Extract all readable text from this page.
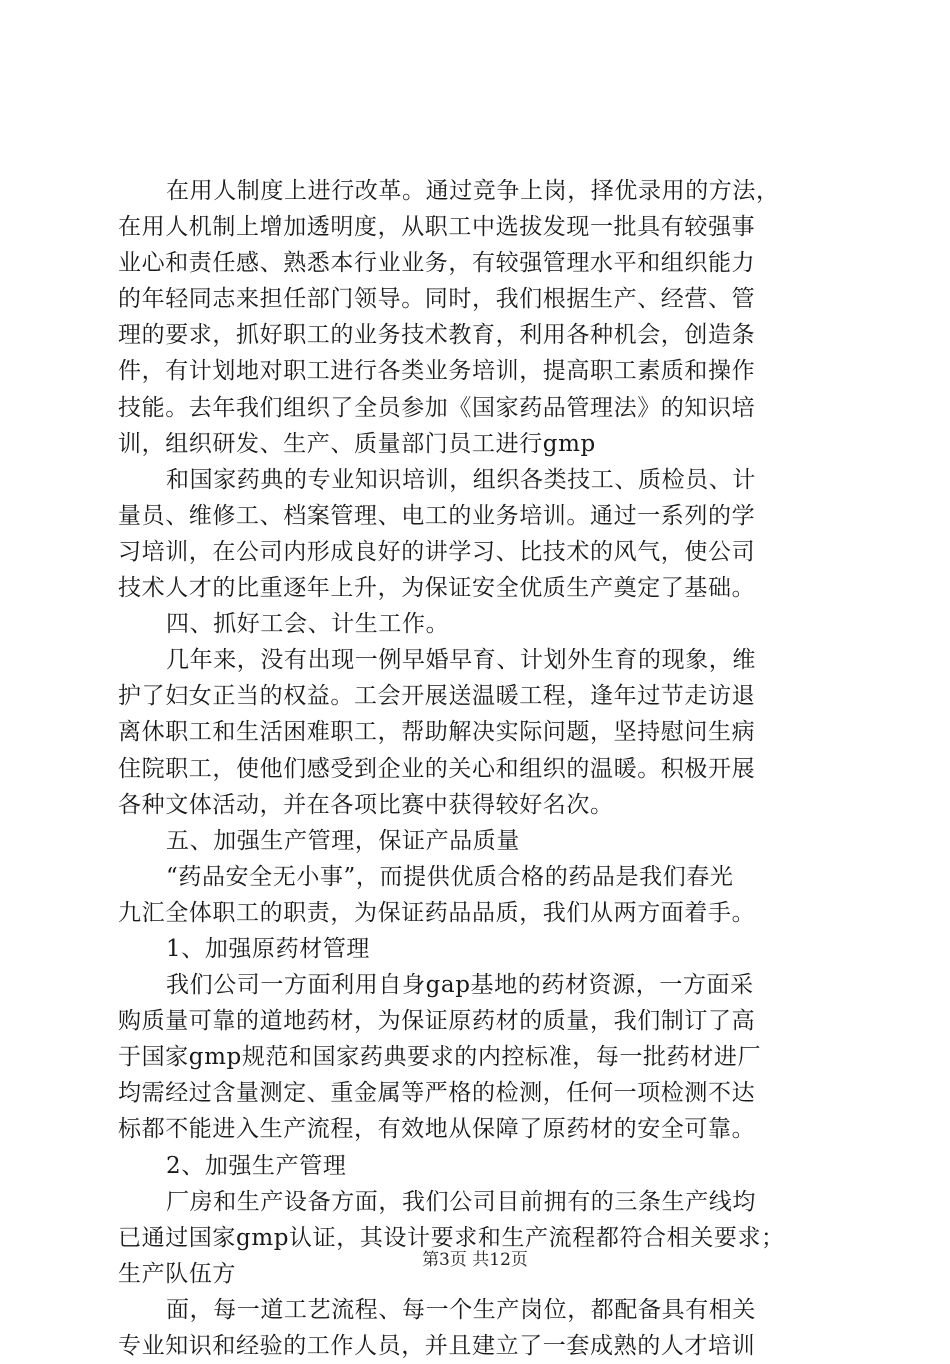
在用人制度上进行改革。通过竞争上岗，择优录用的方法，
在用人机制上增加透明度，从职工中选拔发现一批具有较强事
业心和责任感、熟悉本行业业务，有较强管理水平和组织能力
的年轻同志来担任部门领导。同时，我们根据生产、经营、管
理的要求，抓好职工的业务技术教育，利用各种机会，创造条
件，有计划地对职工进行各类业务培训，提高职工素质和操作
技能。去年我们组织了全员参加《国家药品管理法》的知识培
训，组织研发、生产、质量部门员工进行gmp
和国家药典的专业知识培训，组织各类技工、质检员、计
量员、维修工、档案管理、电工的业务培训。通过一系列的学
习培训，在公司内形成良好的讲学习、比技术的风气，使公司
技术人才的比重逐年上升，为保证安全优质生产奠定了基础。
四、抓好工会、计生工作。
几年来，没有出现一例早婚早育、计划外生育的现象，维
护了妇女正当的权益。工会开展送温暖工程，逢年过节走访退
离休职工和生活困难职工，帮助解决实际问题，坚持慰问生病
住院职工，使他们感受到企业的关心和组织的温暖。积极开展
各种文体活动，并在各项比赛中获得较好名次。
五、加强生产管理，保证产品质量
“药品安全无小事”，而提供优质合格的药品是我们春光
九汇全体职工的职责，为保证药品品质，我们从两方面着手。
1、加强原药材管理
我们公司一方面利用自身gap基地的药材资源，一方面采
购质量可靠的道地药材，为保证原药材的质量，我们制订了高
于国家gmp规范和国家药典要求的内控标准，每一批药材进厂
均需经过含量测定、重金属等严格的检测，任何一项检测不达
标都不能进入生产流程，有效地从保障了原药材的安全可靠。
2、加强生产管理
厂房和生产设备方面，我们公司目前拥有的三条生产线均
已通过国家gmp认证，其设计要求和生产流程都符合相关要求；
生产队伍方
面，每一道工艺流程、每一个生产岗位，都配备具有相关
专业知识和经验的工作人员，并且建立了一套成熟的人才培训
第3页 共12页
